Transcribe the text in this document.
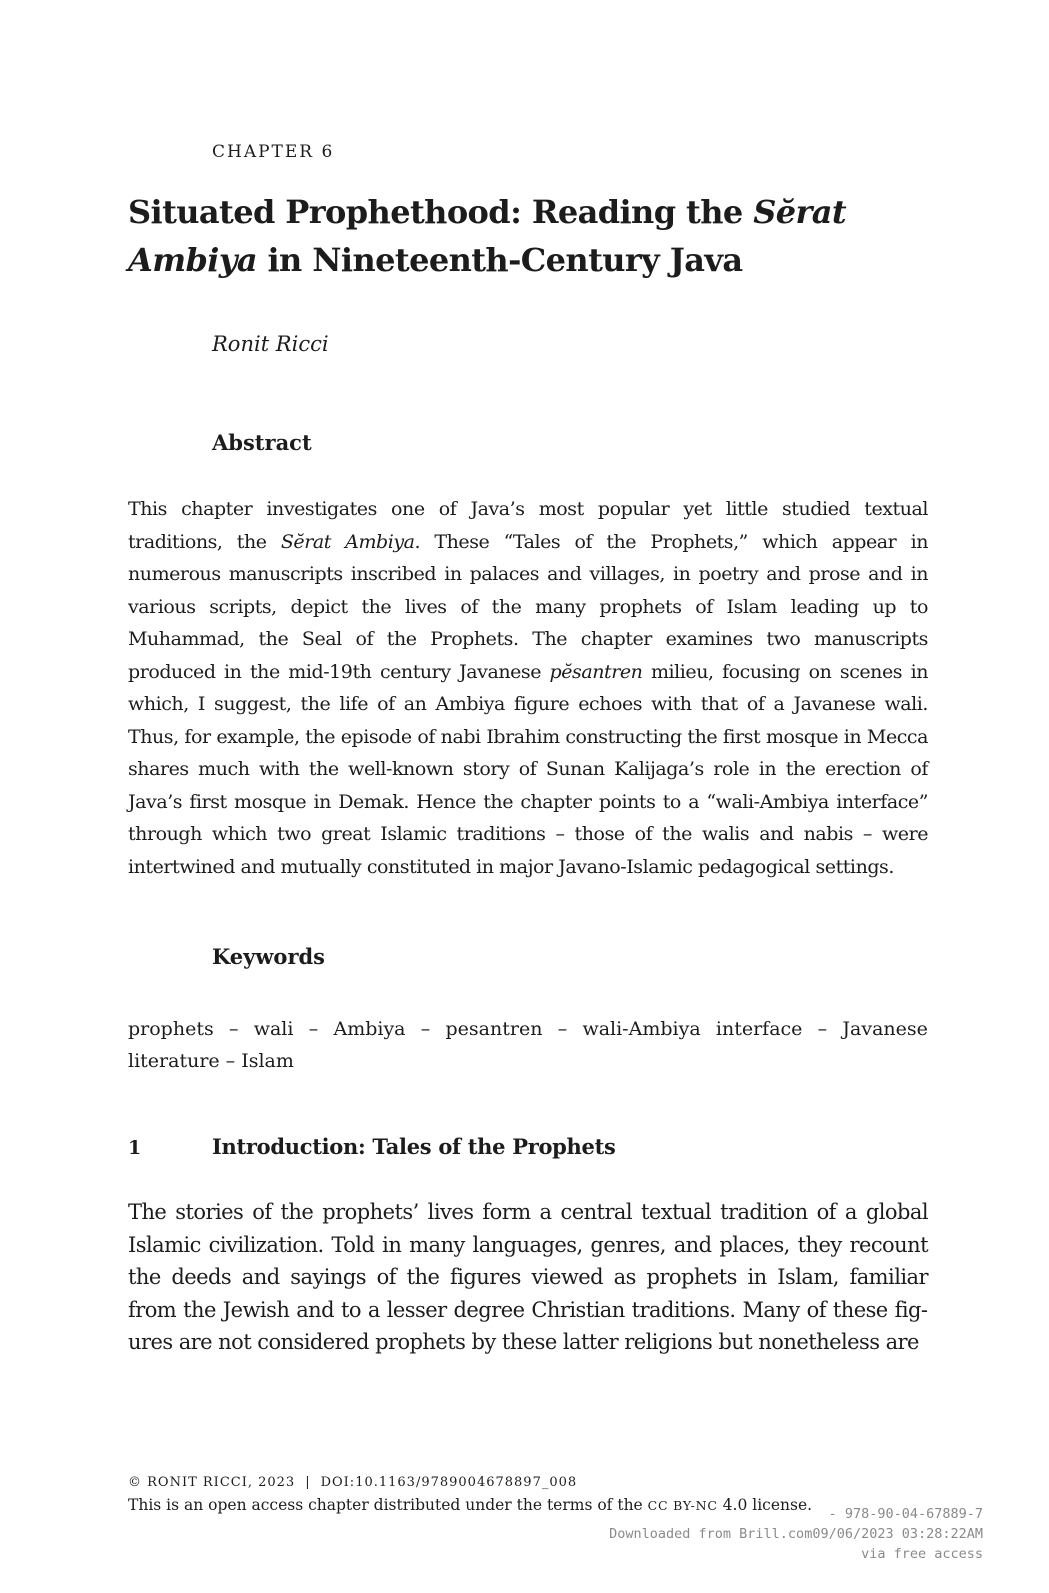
CHAPTER 6
Situated Prophethood: Reading the Sĕrat Ambiya in Nineteenth-Century Java
Ronit Ricci
Abstract

This chapter investigates one of Java’s most popular yet little studied textual traditions, the Sĕrat Ambiya. These “Tales of the Prophets,” which appear in numerous manuscripts inscribed in palaces and villages, in poetry and prose and in various scripts, depict the lives of the many prophets of Islam leading up to Muhammad, the Seal of the Prophets. The chapter examines two manuscripts produced in the mid-19th century Javanese pĕsantren milieu, focusing on scenes in which, I suggest, the life of an Ambiya figure echoes with that of a Javanese wali. Thus, for example, the episode of nabi Ibrahim constructing the first mosque in Mecca shares much with the well-known story of Sunan Kalijaga’s role in the erection of Java’s first mosque in Demak. Hence the chapter points to a “wali-Ambiya interface” through which two great Islamic traditions – those of the walis and nabis – were intertwined and mutually constituted in major Javano-Islamic pedagogical settings.

Keywords
prophets – wali – Ambiya – pesantren – wali-Ambiya interface – Javanese
literature – Islam
1	Introduction: Tales of the Prophets

The stories of the prophets’ lives form a central textual tradition of a global Islamic civilization. Told in many languages, genres, and places, they recount the deeds and sayings of the figures viewed as prophets in Islam, familiar from the Jewish and to a lesser degree Christian traditions. Many of these figures are not considered prophets by these latter religions but nonetheless are

© RONIT RICCI, 2023 | DOI:10.1163/9789004678897_008
This is an open access chapter distributed under the terms of the CC BY-NC 4.0 license.	- 978-90-04-67889-7
Downloaded from Brill.com09/06/2023 03:28:22AM
via free access
